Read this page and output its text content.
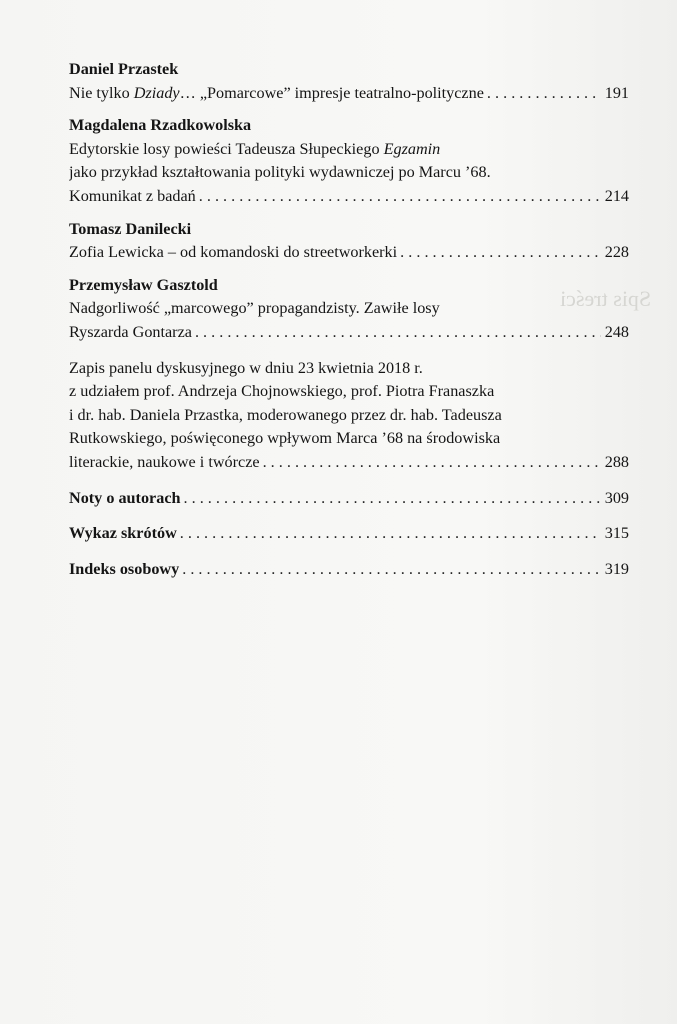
Spis treści
Daniel Przastek
Nie tylko Dziady… „Pomarcowe” impresje teatralno-polityczne . . .	191
Magdalena Rzadkowolska
Edytorskie losy powieści Tadeusza Słupeckiego Egzamin
jako przykład kształtowania polityki wydawniczej po Marcu ’68.
Komunikat z badań . . .	214
Tomasz Danilecki
Zofia Lewicka – od komandoski do streetworkerki . . .	228
Przemysław Gasztold
Nadgorliwość „marcowego” propagandzisty. Zawiłe losy
Ryszarda Gontarza . . .	248
Zapis panelu dyskusyjnego w dniu 23 kwietnia 2018 r.
z udziałem prof. Andrzeja Chojnowskiego, prof. Piotra Franaszka
i dr. hab. Daniela Przastka, moderowanego przez dr. hab. Tadeusza
Rutkowskiego, poświęconego wpływom Marca ’68 na środowiska
literackie, naukowe i twórcze . . .	288
Noty o autorach . . .	309
Wykaz skrótów . . .	315
Indeks osobowy . . .	319
